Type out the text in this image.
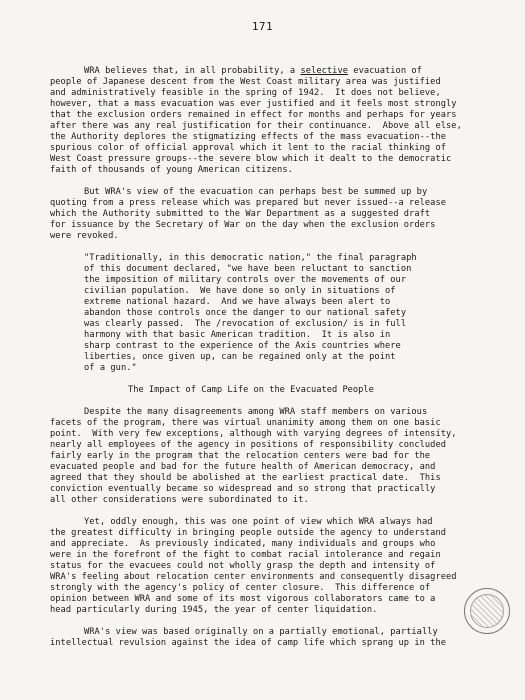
171
WRA believes that, in all probability, a selective evacuation of
people of Japanese descent from the West Coast military area was justified
and administratively feasible in the spring of 1942.  It does not believe,
however, that a mass evacuation was ever justified and it feels most strongly
that the exclusion orders remained in effect for months and perhaps for years
after there was any real justification for their continuance.  Above all else,
the Authority deplores the stigmatizing effects of the mass evacuation--the
spurious color of official approval which it lent to the racial thinking of
West Coast pressure groups--the severe blow which it dealt to the democratic
faith of thousands of young American citizens.
But WRA's view of the evacuation can perhaps best be summed up by
quoting from a press release which was prepared but never issued--a release
which the Authority submitted to the War Department as a suggested draft
for issuance by the Secretary of War on the day when the exclusion orders
were revoked.
"Traditionally, in this democratic nation," the final paragraph
of this document declared, "we have been reluctant to sanction
the imposition of military controls over the movements of our
civilian population.  We have done so only in situations of
extreme national hazard.  And we have always been alert to
abandon those controls once the danger to our national safety
was clearly passed.  The /revocation of exclusion/ is in full
harmony with that basic American tradition.  It is also in
sharp contrast to the experience of the Axis countries where
liberties, once given up, can be regained only at the point
of a gun."
The Impact of Camp Life on the Evacuated People
Despite the many disagreements among WRA staff members on various
facets of the program, there was virtual unanimity among them on one basic
point.  With very few exceptions, although with varying degrees of intensity,
nearly all employees of the agency in positions of responsibility concluded
fairly early in the program that the relocation centers were bad for the
evacuated people and bad for the future health of American democracy, and
agreed that they should be abolished at the earliest practical date.  This
conviction eventually became so widespread and so strong that practically
all other considerations were subordinated to it.
Yet, oddly enough, this was one point of view which WRA always had
the greatest difficulty in bringing people outside the agency to understand
and appreciate.  As previously indicated, many individuals and groups who
were in the forefront of the fight to combat racial intolerance and regain
status for the evacuees could not wholly grasp the depth and intensity of
WRA's feeling about relocation center environments and consequently disagreed
strongly with the agency's policy of center closure.  This difference of
opinion between WRA and some of its most vigorous collaborators came to a
head particularly during 1945, the year of center liquidation.
WRA's view was based originally on a partially emotional, partially
intellectual revulsion against the idea of camp life which sprang up in the
